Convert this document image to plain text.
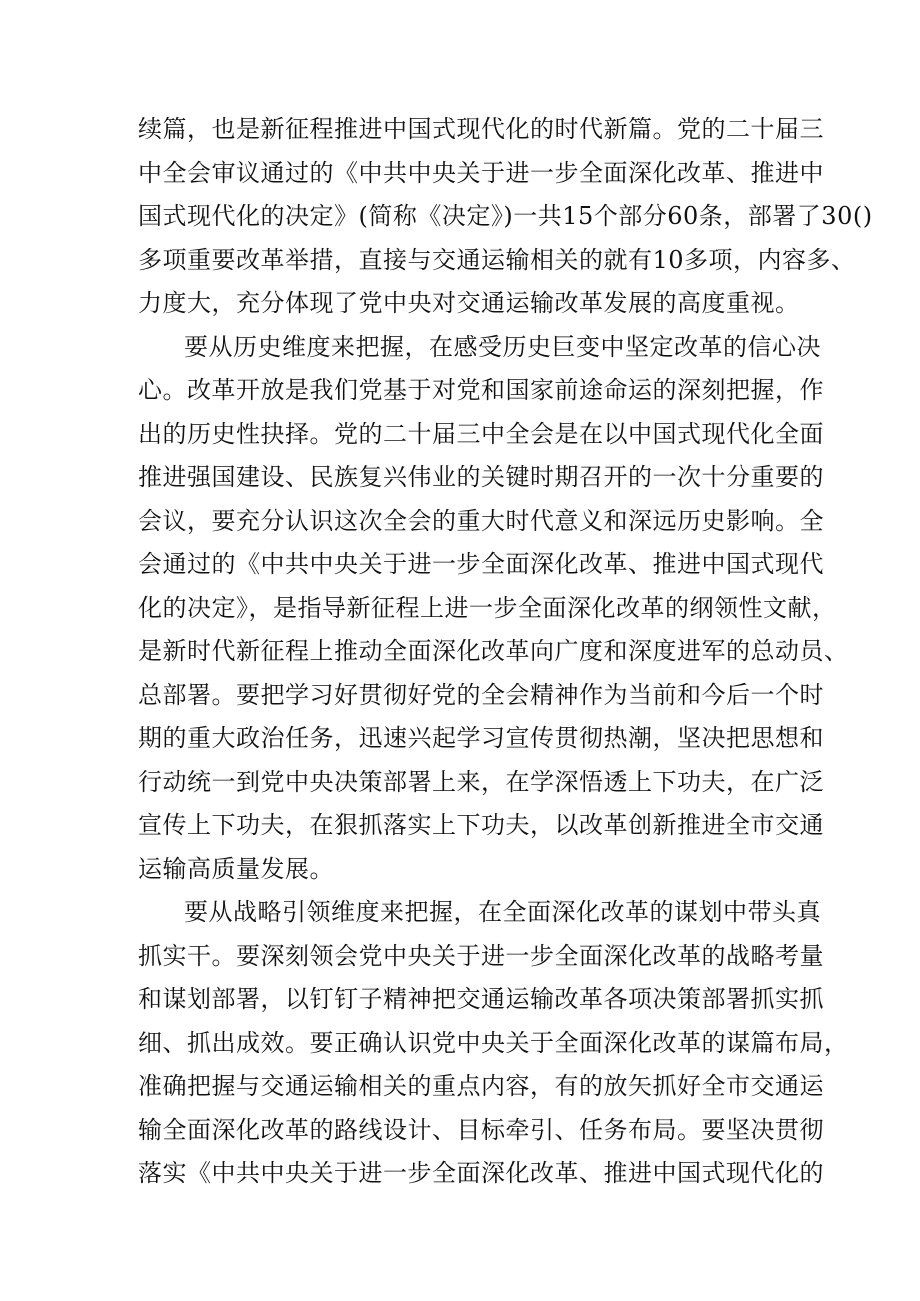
续篇，也是新征程推进中国式现代化的时代新篇。党的二十届三
中全会审议通过的《中共中央关于进一步全面深化改革、推进中
国式现代化的决定》(简称《决定》)一共15个部分60条，部署了30()
多项重要改革举措，直接与交通运输相关的就有10多项，内容多、
力度大，充分体现了党中央对交通运输改革发展的高度重视。
要从历史维度来把握，在感受历史巨变中坚定改革的信心决
心。改革开放是我们党基于对党和国家前途命运的深刻把握，作
出的历史性抉择。党的二十届三中全会是在以中国式现代化全面
推进强国建设、民族复兴伟业的关键时期召开的一次十分重要的
会议，要充分认识这次全会的重大时代意义和深远历史影响。全
会通过的《中共中央关于进一步全面深化改革、推进中国式现代
化的决定》，是指导新征程上进一步全面深化改革的纲领性文献，
是新时代新征程上推动全面深化改革向广度和深度进军的总动员、
总部署。要把学习好贯彻好党的全会精神作为当前和今后一个时
期的重大政治任务，迅速兴起学习宣传贯彻热潮，坚决把思想和
行动统一到党中央决策部署上来，在学深悟透上下功夫，在广泛
宣传上下功夫，在狠抓落实上下功夫，以改革创新推进全市交通
运输高质量发展。
要从战略引领维度来把握，在全面深化改革的谋划中带头真
抓实干。要深刻领会党中央关于进一步全面深化改革的战略考量
和谋划部署，以钉钉子精神把交通运输改革各项决策部署抓实抓
细、抓出成效。要正确认识党中央关于全面深化改革的谋篇布局，
准确把握与交通运输相关的重点内容，有的放矢抓好全市交通运
输全面深化改革的路线设计、目标牵引、任务布局。要坚决贯彻
落实《中共中央关于进一步全面深化改革、推进中国式现代化的
